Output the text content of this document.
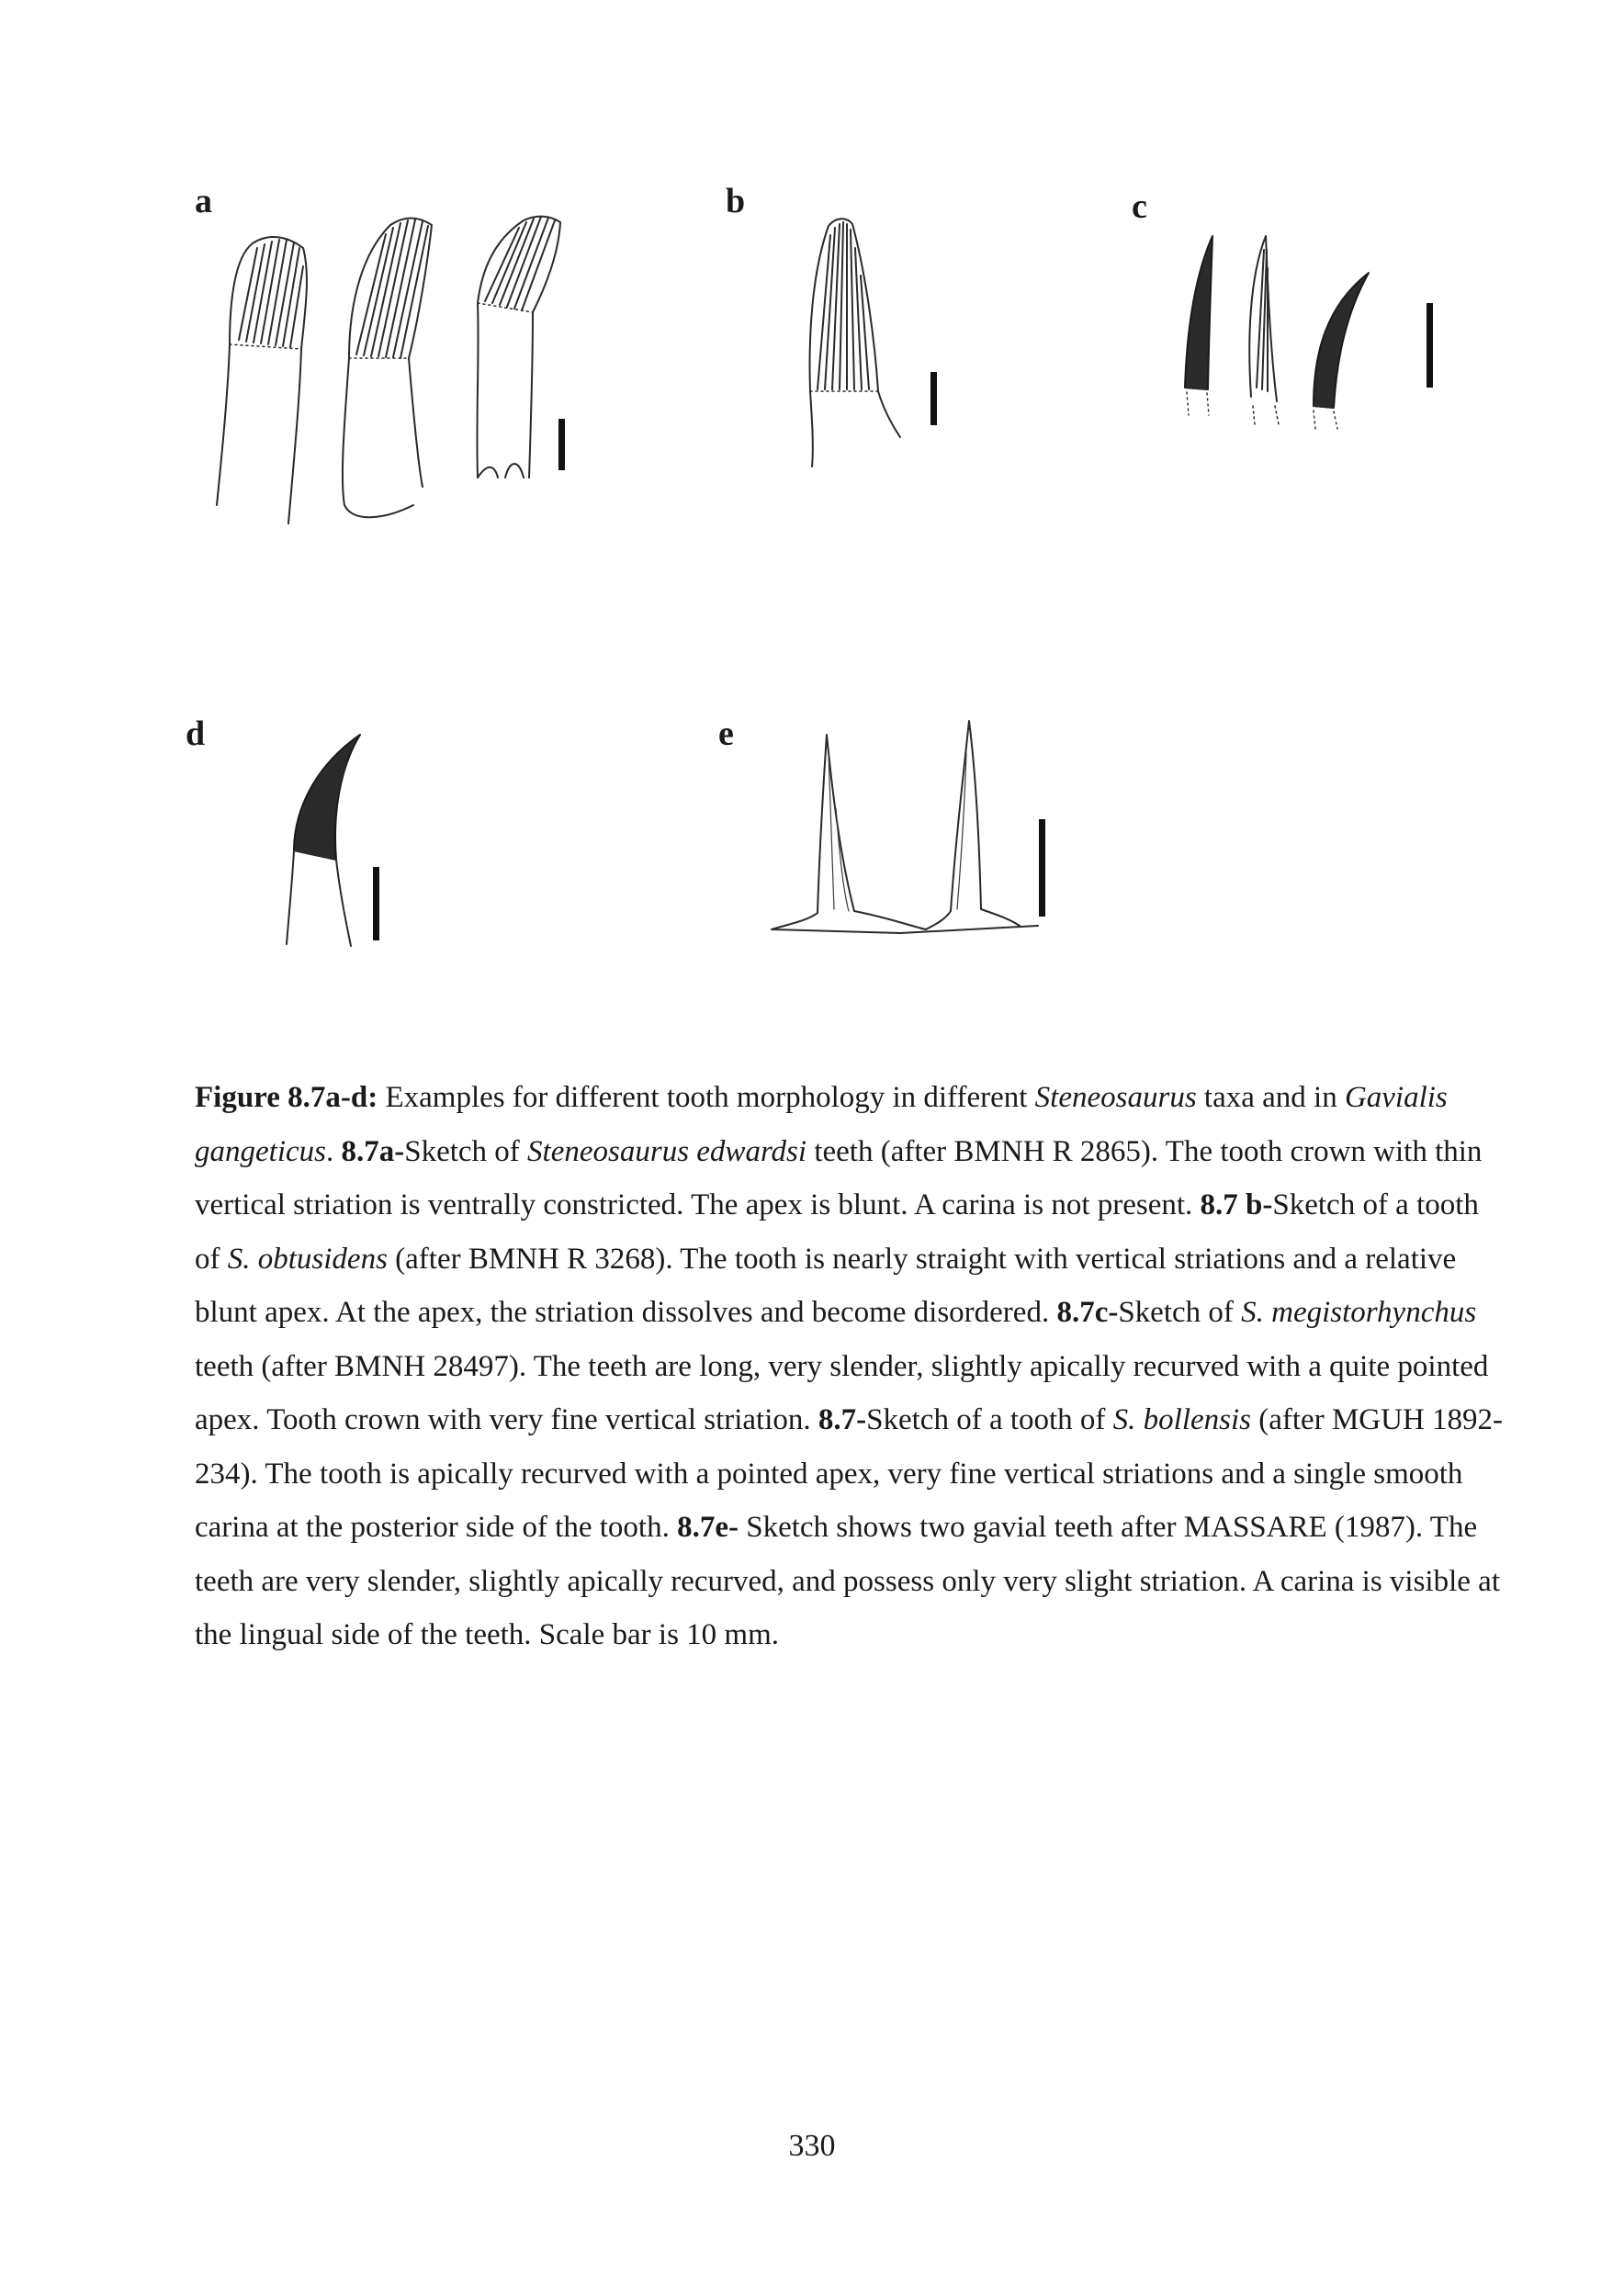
a	b	c
d	e
Figure 8.7a-d: Examples for different tooth morphology in different Steneosaurus taxa and in Gavialis gangeticus. 8.7a-Sketch of Steneosaurus edwardsi teeth (after BMNH R 2865). The tooth crown with thin vertical striation is ventrally constricted. The apex is blunt. A carina is not present. 8.7 b-Sketch of a tooth of S. obtusidens (after BMNH R 3268). The tooth is nearly straight with vertical striations and a relative blunt apex. At the apex, the striation dissolves and become disordered. 8.7c-Sketch of S. megistorhynchus teeth (after BMNH 28497). The teeth are long, very slender, slightly apically recurved with a quite pointed apex. Tooth crown with very fine vertical striation. 8.7-Sketch of a tooth of S. bollensis (after MGUH 1892-234). The tooth is apically recurved with a pointed apex, very fine vertical striations and a single smooth carina at the posterior side of the tooth. 8.7e- Sketch shows two gavial teeth after MASSARE (1987). The teeth are very slender, slightly apically recurved, and possess only very slight striation. A carina is visible at the lingual side of the teeth. Scale bar is 10 mm.
330
